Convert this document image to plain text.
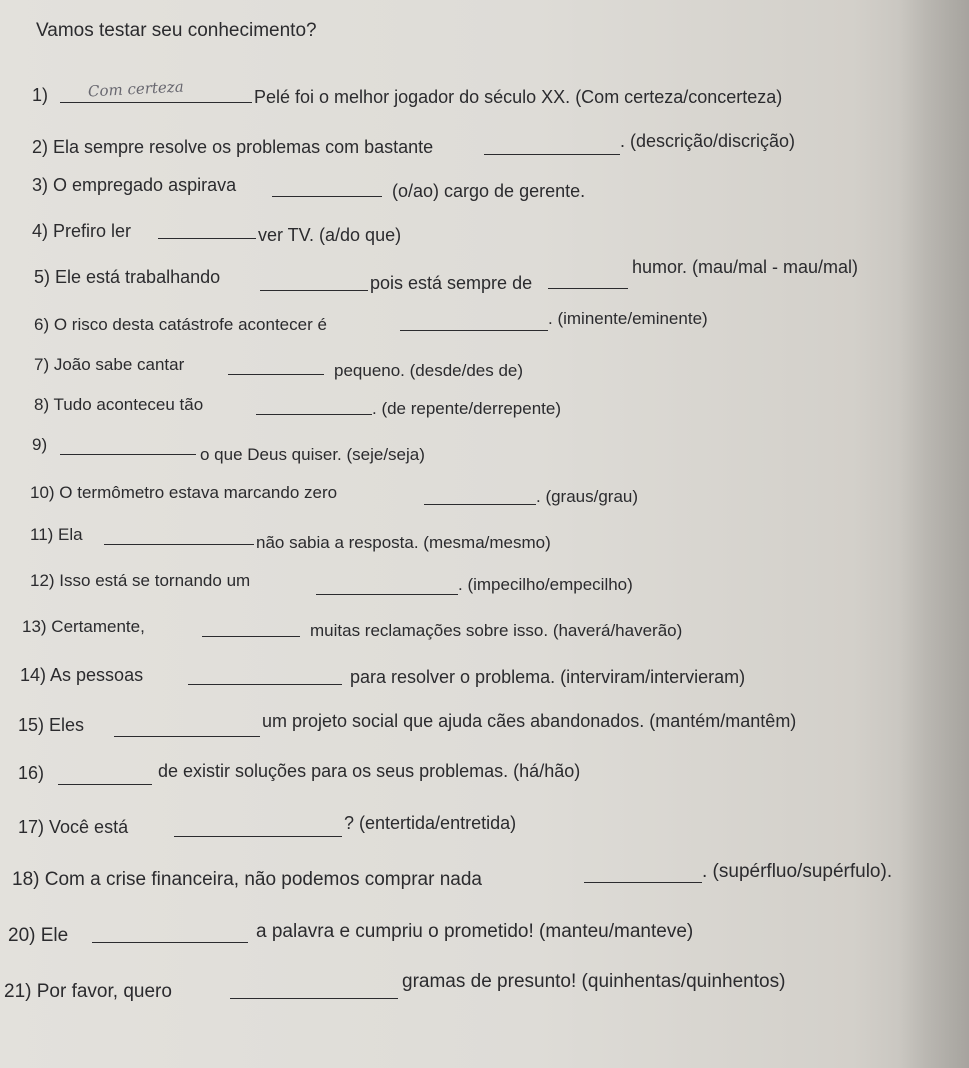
Vamos testar seu conhecimento?
1)	Com certeza	Pelé foi o melhor jogador do século XX. (Com certeza/concerteza)
2) Ela sempre resolve os problemas com bastante	. (descrição/discrição)
3) O empregado aspirava	(o/ao) cargo de gerente.
4) Prefiro ler	ver TV. (a/do que)
5) Ele está trabalhando	pois está sempre de
humor. (mau/mal - mau/mal)
6) O risco desta catástrofe acontecer é	. (iminente/eminente)
7) João sabe cantar	pequeno. (desde/des de)
8) Tudo aconteceu tão	. (de repente/derrepente)
9)
o que Deus quiser. (seje/seja)
10) O termômetro estava marcando zero	. (graus/grau)
11) Ela	não sabia a resposta. (mesma/mesmo)
12) Isso está se tornando um	. (impecilho/empecilho)
13) Certamente,	muitas reclamações sobre isso. (haverá/haverão)
14) As pessoas	para resolver o problema. (interviram/intervieram)
15) Eles	um projeto social que ajuda cães abandonados. (mantém/mantêm)
16)	de existir soluções para os seus problemas. (há/hão)
17) Você está	? (entertida/entretida)
18) Com a crise financeira, não podemos comprar nada	. (supérfluo/supérfulo).
20) Ele	a palavra e cumpriu o prometido! (manteu/manteve)
21) Por favor, quero	gramas de presunto! (quinhentas/quinhentos)
